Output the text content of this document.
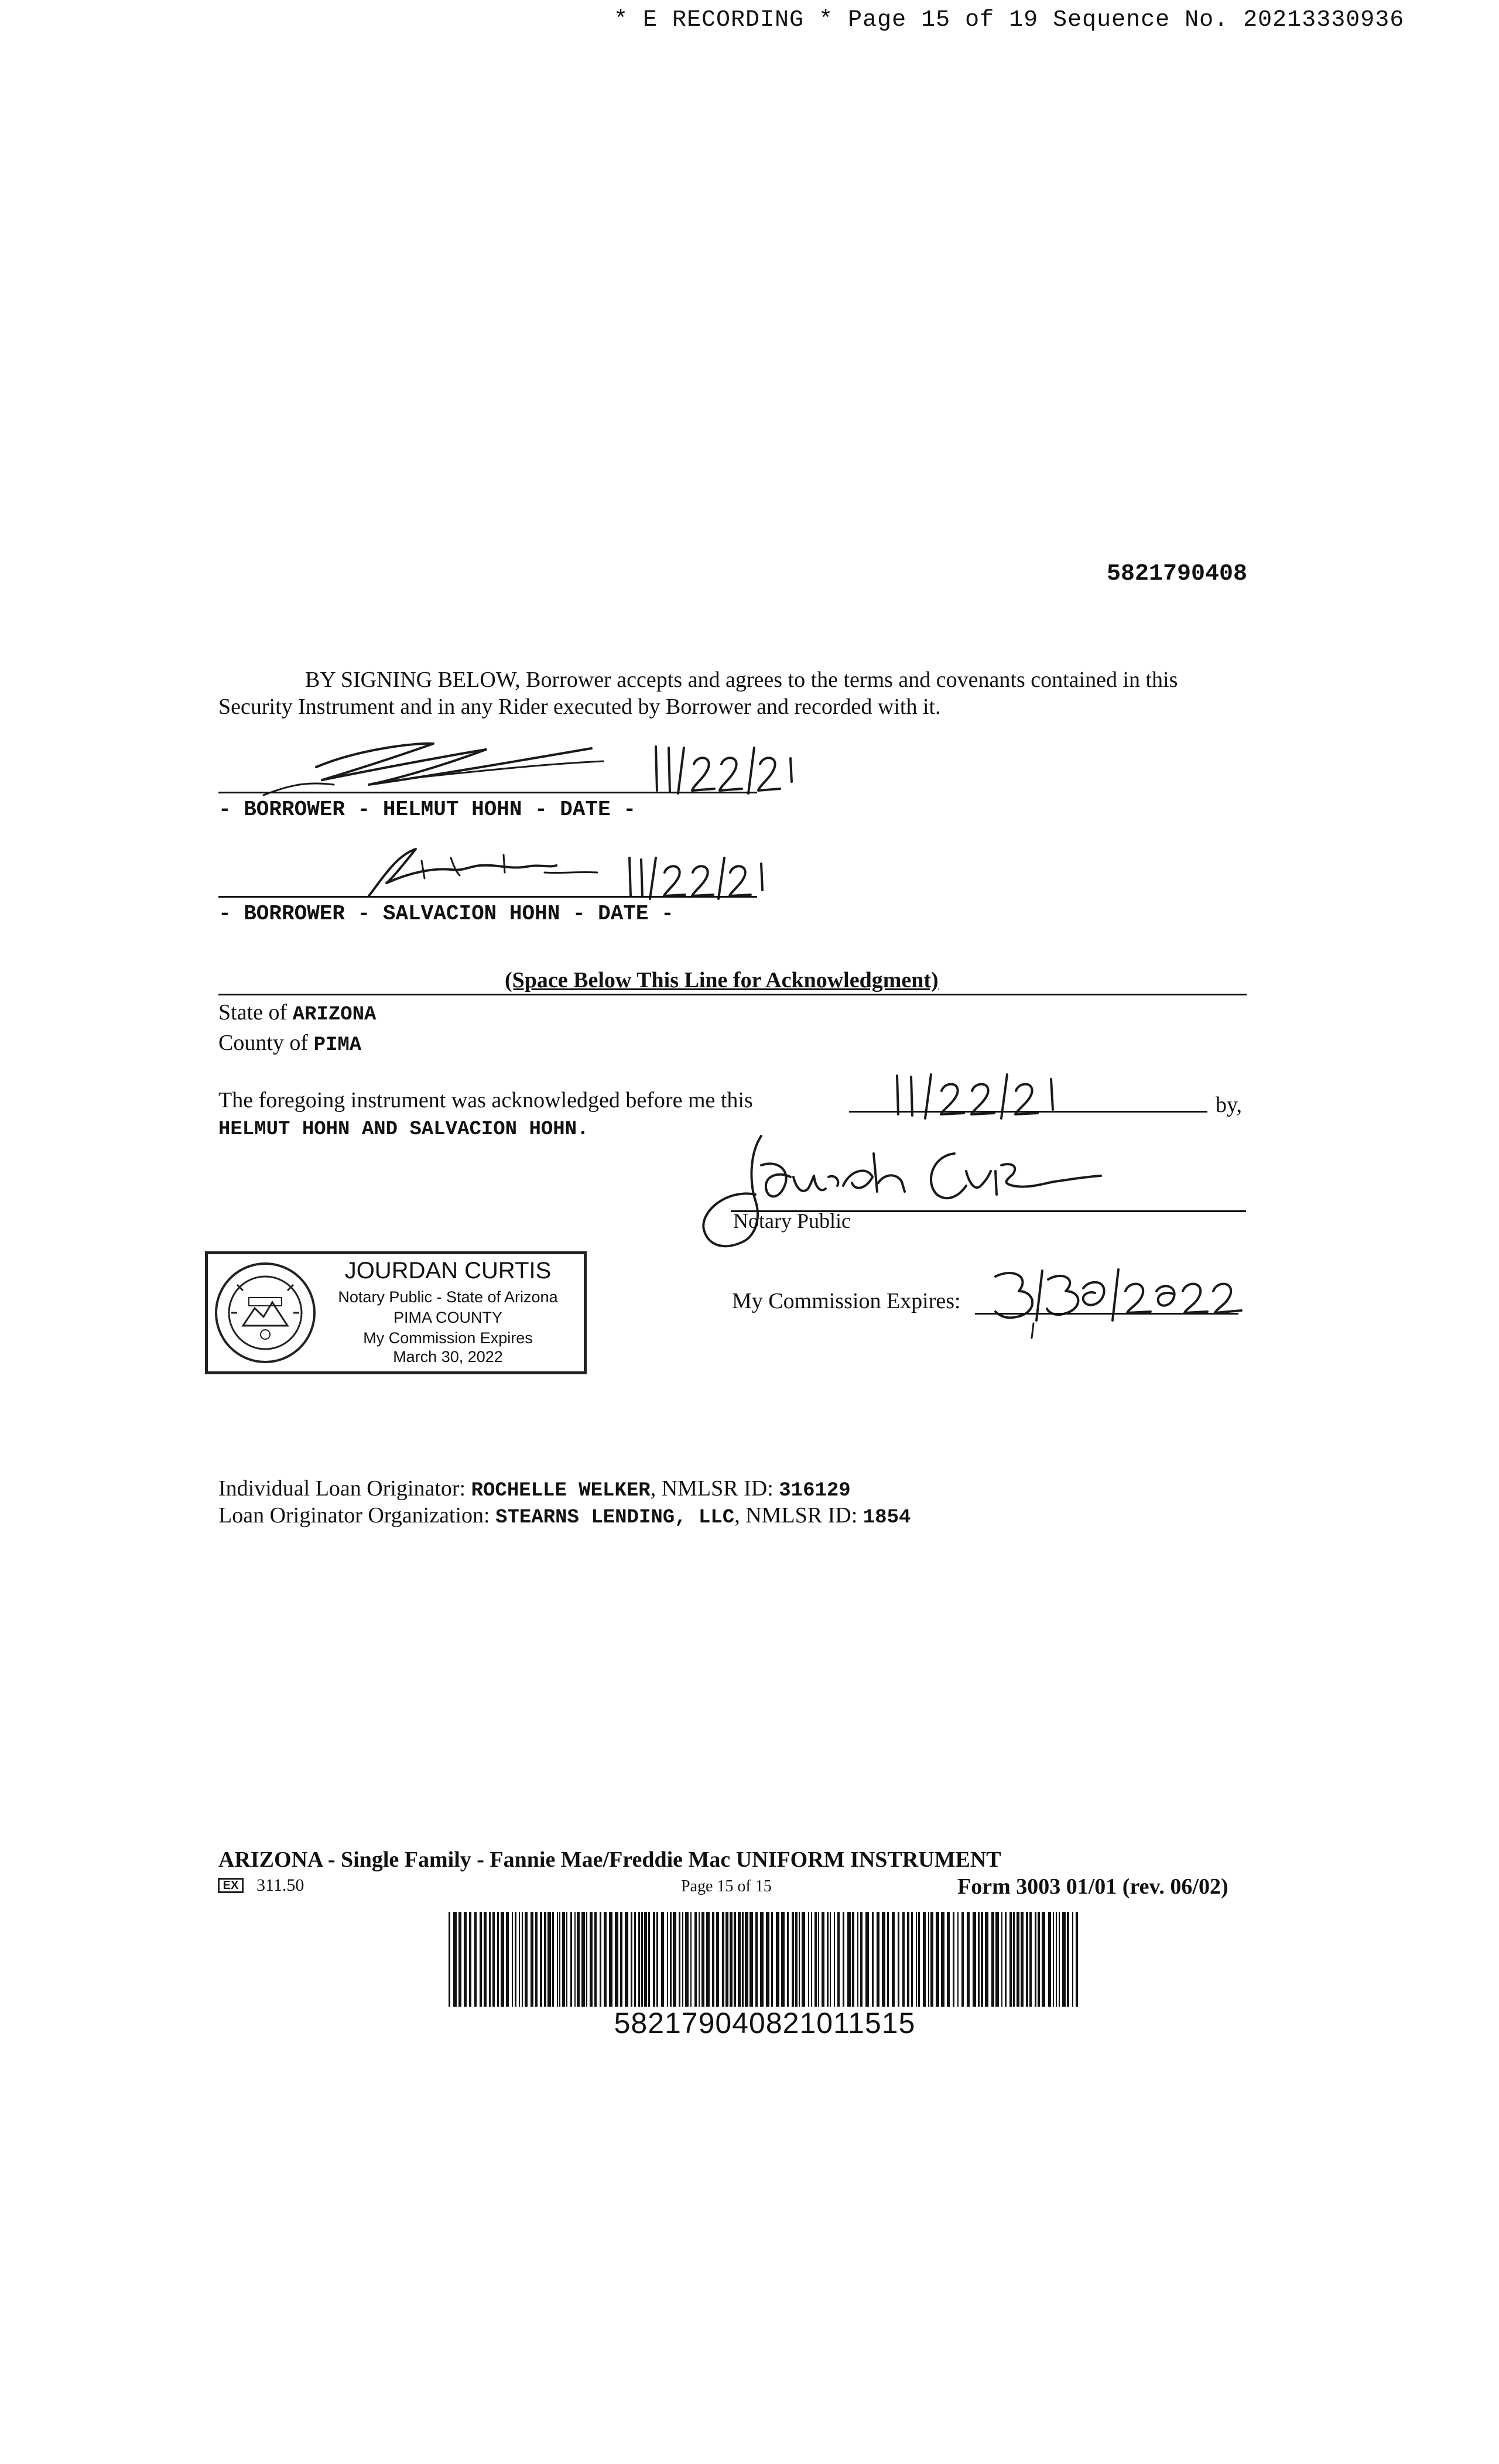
* E RECORDING * Page 15 of 19 Sequence No. 20213330936
5821790408
BY SIGNING BELOW, Borrower accepts and agrees to the terms and covenants contained in this Security Instrument and in any Rider executed by Borrower and recorded with it.
- BORROWER - HELMUT HOHN - DATE -
- BORROWER - SALVACION HOHN - DATE -
(Space Below This Line for Acknowledgment)
State of ARIZONA
County of PIMA
The foregoing instrument was acknowledged before me this	by,
HELMUT HOHN AND SALVACION HOHN.
Notary Public
My Commission Expires:
JOURDAN CURTIS
Notary Public - State of Arizona
PIMA COUNTY
My Commission Expires
March 30, 2022
Individual Loan Originator: ROCHELLE WELKER, NMLSR ID: 316129
Loan Originator Organization: STEARNS LENDING, LLC, NMLSR ID: 1854
ARIZONA - Single Family - Fannie Mae/Freddie Mac UNIFORM INSTRUMENT
EX 311.50	Page 15 of 15	Form 3003 01/01 (rev. 06/02)
582179040821011515
